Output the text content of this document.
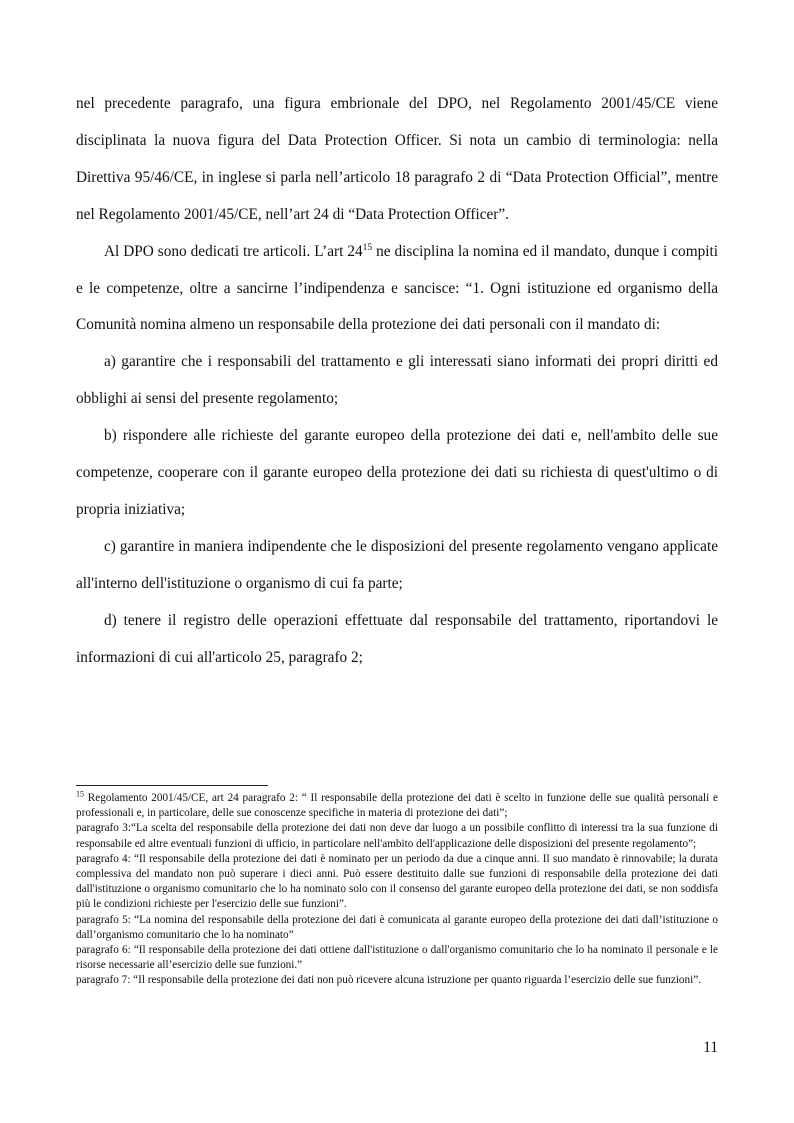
nel precedente paragrafo, una figura embrionale del DPO, nel Regolamento 2001/45/CE viene disciplinata la nuova figura del Data Protection Officer. Si nota un cambio di terminologia: nella Direttiva 95/46/CE, in inglese si parla nell’articolo 18 paragrafo 2 di “Data Protection Official”, mentre nel Regolamento 2001/45/CE, nell’art 24 di “Data Protection Officer”.

Al DPO sono dedicati tre articoli. L’art $24^{15}$ ne disciplina la nomina ed il mandato, dunque i compiti e le competenze, oltre a sancirne l’indipendenza e sancisce: “1. Ogni istituzione ed organismo della Comunità nomina almeno un responsabile della protezione dei dati personali con il mandato di:

a) garantire che i responsabili del trattamento e gli interessati siano informati dei propri diritti ed obblighi ai sensi del presente regolamento;

b) rispondere alle richieste del garante europeo della protezione dei dati e, nell'ambito delle sue competenze, cooperare con il garante europeo della protezione dei dati su richiesta di quest'ultimo o di propria iniziativa;

c) garantire in maniera indipendente che le disposizioni del presente regolamento vengano applicate all'interno dell'istituzione o organismo di cui fa parte;

d) tenere il registro delle operazioni effettuate dal responsabile del trattamento, riportandovi le informazioni di cui all'articolo 25, paragrafo 2;

$^{15}$ Regolamento 2001/45/CE, art 24 paragrafo 2: “ Il responsabile della protezione dei dati è scelto in funzione delle sue qualità personali e professionali e, in particolare, delle sue conoscenze specifiche in materia di protezione dei dati”;

paragrafo 3:“La scelta del responsabile della protezione dei dati non deve dar luogo a un possibile conflitto di interessi tra la sua funzione di responsabile ed altre eventuali funzioni di ufficio, in particolare nell'ambito dell'applicazione delle disposizioni del presente regolamento”;

paragrafo 4: “Il responsabile della protezione dei dati è nominato per un periodo da due a cinque anni. Il suo mandato è rinnovabile; la durata complessiva del mandato non può superare i dieci anni. Può essere destituito dalle sue funzioni di responsabile della protezione dei dati dall'istituzione o organismo comunitario che lo ha nominato solo con il consenso del garante europeo della protezione dei dati, se non soddisfa più le condizioni richieste per l'esercizio delle sue funzioni”.

paragrafo 5: “La nomina del responsabile della protezione dei dati è comunicata al garante europeo della protezione dei dati dall’istituzione o dall’organismo comunitario che lo ha nominato”

paragrafo 6: “Il responsabile della protezione dei dati ottiene dall'istituzione o dall'organismo comunitario che lo ha nominato il personale e le risorse necessarie all’esercizio delle sue funzioni.”

paragrafo 7: “Il responsabile della protezione dei dati non può ricevere alcuna istruzione per quanto riguarda l’esercizio delle sue funzioni”.

11
